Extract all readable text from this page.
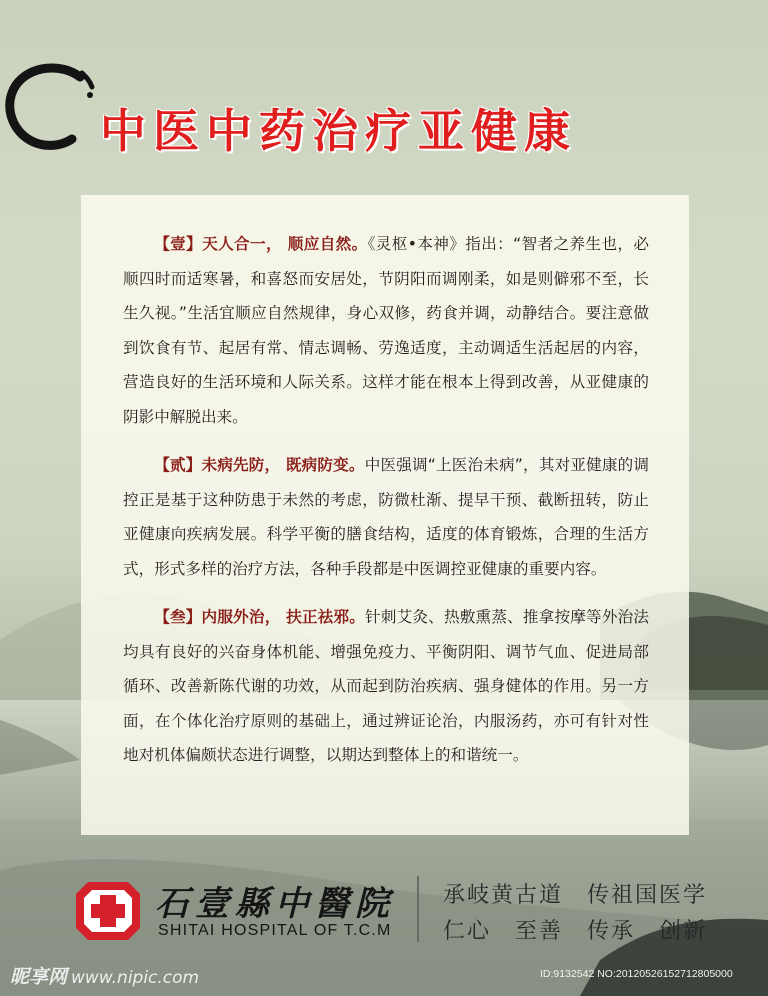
中医中药治疗亚健康

【壹】天人合一， 顺应自然。《灵枢•本神》指出：“智者之养生也，必顺四时而适寒暑，和喜怒而安居处，节阴阳而调刚柔，如是则僻邪不至，长生久视。”生活宜顺应自然规律，身心双修，药食并调，动静结合。要注意做到饮食有节、起居有常、情志调畅、劳逸适度，主动调适生活起居的内容，营造良好的生活环境和人际关系。这样才能在根本上得到改善，从亚健康的阴影中解脱出来。

【贰】未病先防， 既病防变。中医强调“上医治未病”，其对亚健康的调控正是基于这种防患于未然的考虑，防微杜渐、提早干预、截断扭转，防止亚健康向疾病发展。科学平衡的膳食结构，适度的体育锻炼，合理的生活方式，形式多样的治疗方法，各种手段都是中医调控亚健康的重要内容。

【叁】内服外治， 扶正祛邪。针刺艾灸、热敷熏蒸、推拿按摩等外治法均具有良好的兴奋身体机能、增强免疫力、平衡阴阳、调节气血、促进局部循环、改善新陈代谢的功效，从而起到防治疾病、强身健体的作用。另一方面，在个体化治疗原则的基础上，通过辨证论治，内服汤药，亦可有针对性地对机体偏颇状态进行调整，以期达到整体上的和谐统一。

石壹縣中醫院
SHITAI HOSPITAL OF T.C.M
承岐黄古道　传祖国医学
仁心　至善　传承　创新
昵享网 www.nipic.com	ID:9132542 NO:20120526152712805000
